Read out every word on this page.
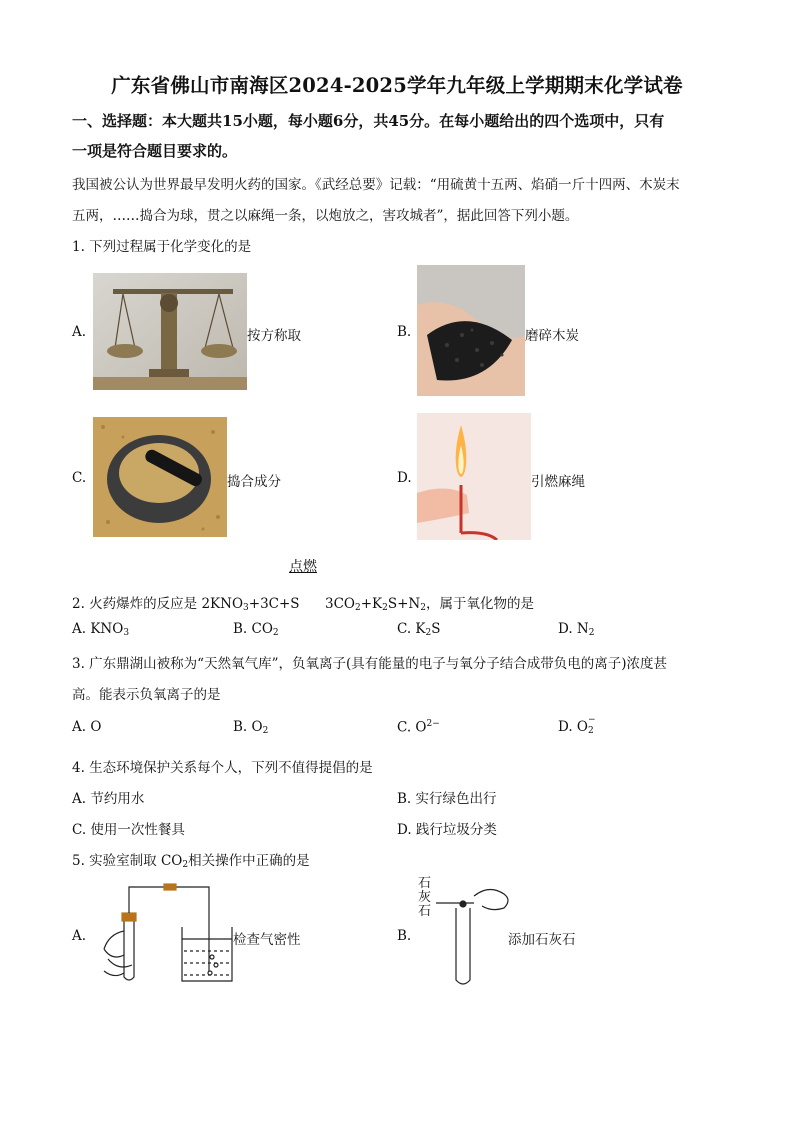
广东省佛山市南海区2024-2025学年九年级上学期期末化学试卷
一、选择题：本大题共15小题，每小题6分，共45分。在每小题给出的四个选项中，只有
一项是符合题目要求的。
我国被公认为世界最早发明火药的国家。《武经总要》记载：“用硫黄十五两、焰硝一斤十四两、木炭末
五两，……捣合为球，贯之以麻绳一条，以炮放之，害攻城者”，据此回答下列小题。
1. 下列过程属于化学变化的是
A.	按方称取	B.	磨碎木炭
C.	捣合成分	D.	引燃麻绳
点燃
2. 火药爆炸的反应是 $2KNO_3+3C+S$ $3CO_2+K_2S+N_2$，属于氧化物的是
A. $KNO_3$	B. $CO_2$	C. $K_2S$	D. $N_2$
3. 广东鼎湖山被称为“天然氧气库”，负氧离子(具有能量的电子与氧分子结合成带负电的离子)浓度甚
高。能表示负氧离子的是
A. O	B. $O_2$	C. $O^{2-}$	D. O −
2
4. 生态环境保护关系每个人，下列不值得提倡的是
A. 节约用水	B. 实行绿色出行
C. 使用一次性餐具	D. 践行垃圾分类
5. 实验室制取 $CO_2$相关操作中正确的是
A.	检查气密性	B.
石
灰
石
添加石灰石
